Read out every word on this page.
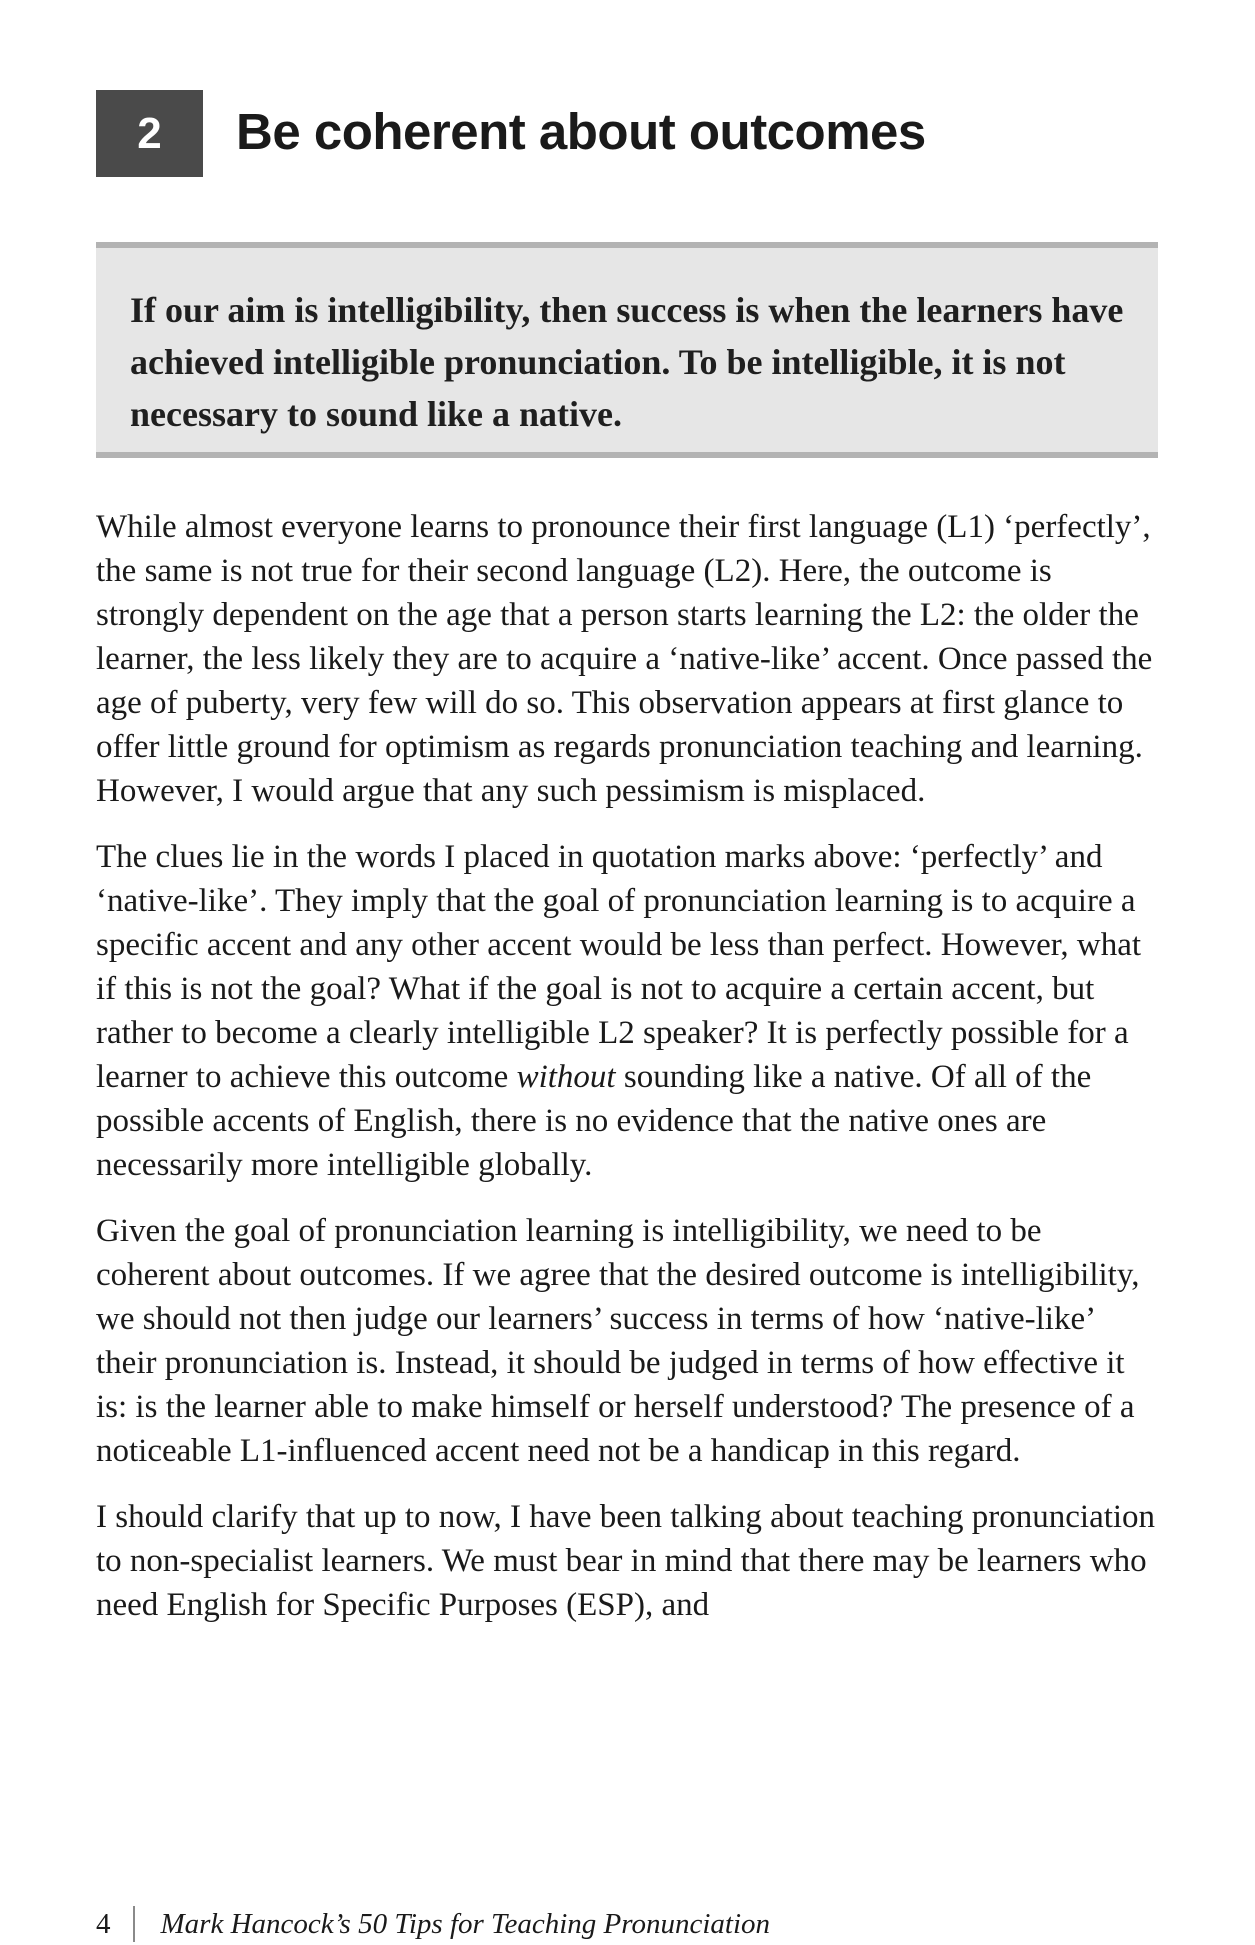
2	Be coherent about outcomes

If our aim is intelligibility, then success is when the learners have achieved intelligible pronunciation. To be intelligible, it is not necessary to sound like a native.

While almost everyone learns to pronounce their first language (L1) ‘perfectly’, the same is not true for their second language (L2). Here, the outcome is strongly dependent on the age that a person starts learning the L2: the older the learner, the less likely they are to acquire a ‘native-like’ accent. Once passed the age of puberty, very few will do so. This observation appears at first glance to offer little ground for optimism as regards pronunciation teaching and learning. However, I would argue that any such pessimism is misplaced.

The clues lie in the words I placed in quotation marks above: ‘perfectly’ and ‘native-like’. They imply that the goal of pronunciation learning is to acquire a specific accent and any other accent would be less than perfect. However, what if this is not the goal? What if the goal is not to acquire a certain accent, but rather to become a clearly intelligible L2 speaker? It is perfectly possible for a learner to achieve this outcome without sounding like a native. Of all of the possible accents of English, there is no evidence that the native ones are necessarily more intelligible globally.

Given the goal of pronunciation learning is intelligibility, we need to be coherent about outcomes. If we agree that the desired outcome is intelligibility, we should not then judge our learners’ success in terms of how ‘native-like’ their pronunciation is. Instead, it should be judged in terms of how effective it is: is the learner able to make himself or herself understood? The presence of a noticeable L1-influenced accent need not be a handicap in this regard.

I should clarify that up to now, I have been talking about teaching pronunciation to non-specialist learners. We must bear in mind that there may be learners who need English for Specific Purposes (ESP), and

4 Mark Hancock’s 50 Tips for Teaching Pronunciation
